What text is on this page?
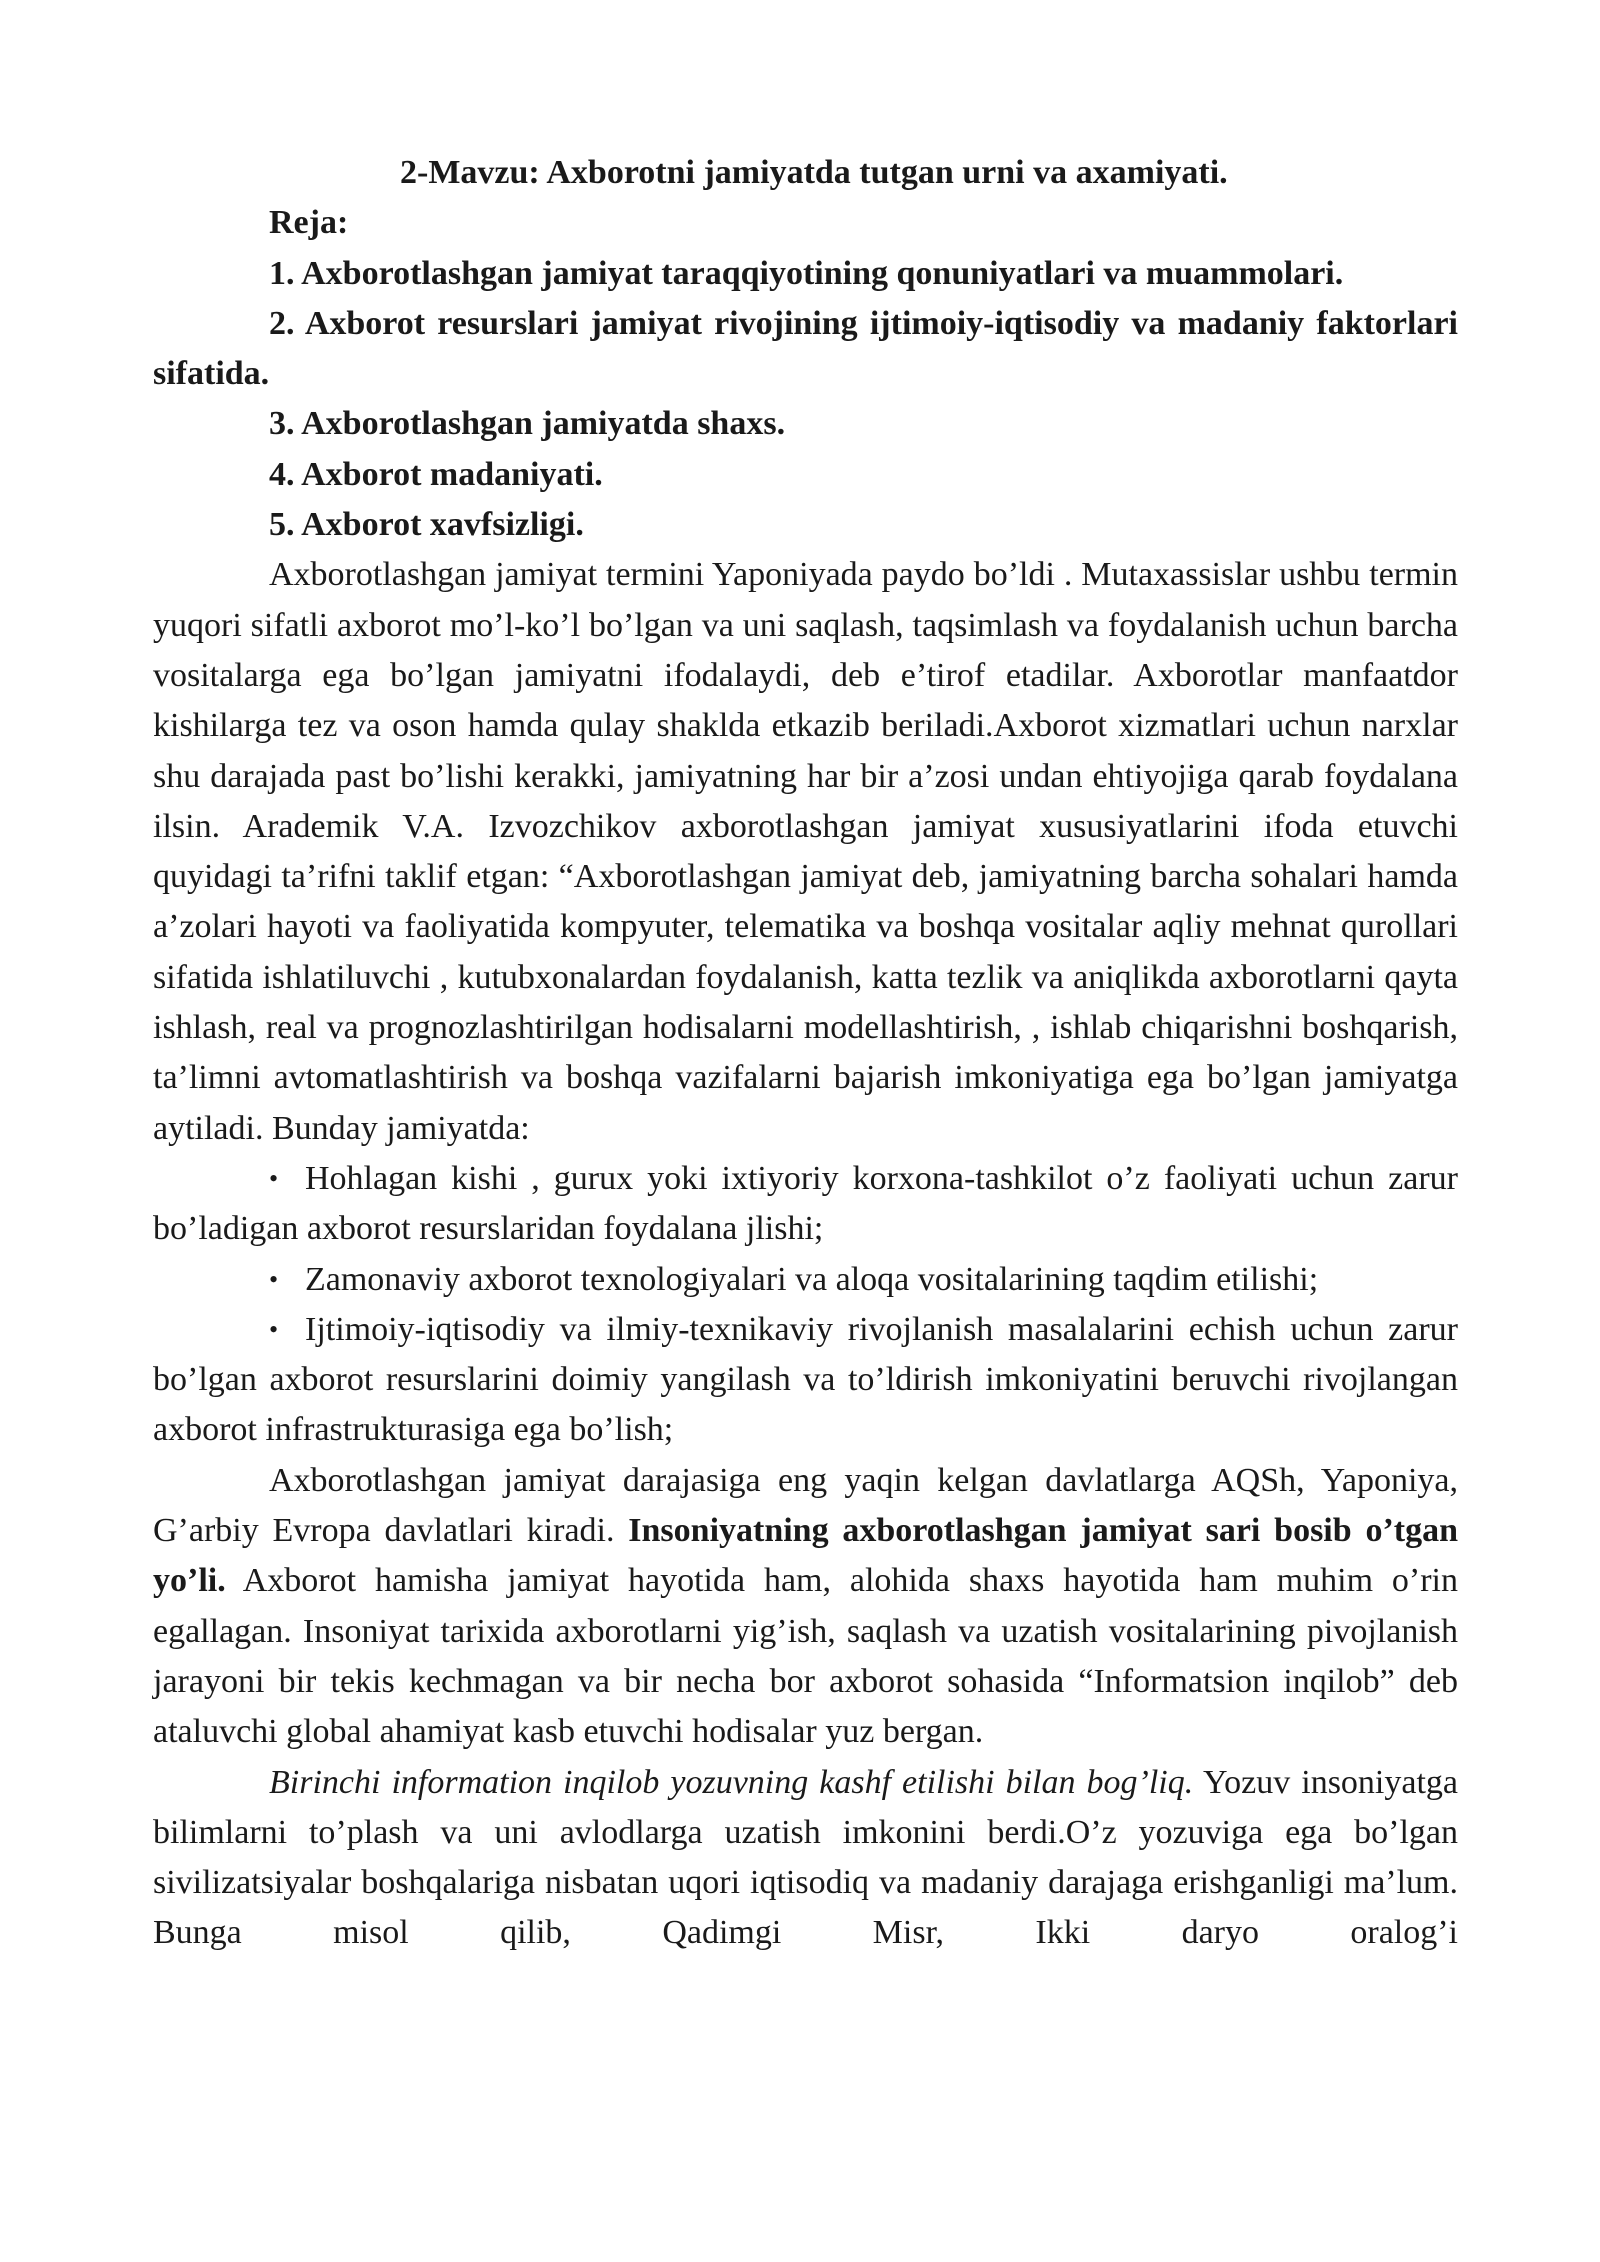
2-Mavzu: Axborotni jamiyatda tutgan urni va axamiyati.

Reja:

1. Axborotlashgan jamiyat taraqqiyotining qonuniyatlari va muammolari.

2. Axborot resurslari jamiyat rivojining ijtimoiy-iqtisodiy va madaniy faktorlari sifatida.

3. Axborotlashgan jamiyatda shaxs.

4. Axborot madaniyati.

5. Axborot xavfsizligi.

Axborotlashgan jamiyat termini Yaponiyada paydo bo’ldi . Mutaxassislar ushbu termin yuqori sifatli axborot mo’l-ko’l bo’lgan va uni saqlash, taqsimlash va foydalanish uchun barcha vositalarga ega bo’lgan jamiyatni ifodalaydi, deb e’tirof etadilar. Axborotlar manfaatdor kishilarga tez va oson hamda qulay shaklda etkazib beriladi.Axborot xizmatlari uchun narxlar shu darajada past bo’lishi kerakki, jamiyatning har bir a’zosi undan ehtiyojiga qarab foydalana ilsin. Arademik V.A. Izvozchikov axborotlashgan jamiyat xususiyatlarini ifoda etuvchi quyidagi ta’rifni taklif etgan: “Axborotlashgan jamiyat deb, jamiyatning barcha sohalari hamda a’zolari hayoti va faoliyatida kompyuter, telematika va boshqa vositalar aqliy mehnat qurollari sifatida ishlatiluvchi , kutubxonalardan foydalanish, katta tezlik va aniqlikda axborotlarni qayta ishlash, real va prognozlashtirilgan hodisalarni modellashtirish, , ishlab chiqarishni boshqarish, ta’limni avtomatlashtirish va boshqa vazifalarni bajarish imkoniyatiga ega bo’lgan jamiyatga aytiladi. Bunday jamiyatda:

• Hohlagan kishi , gurux yoki ixtiyoriy korxona-tashkilot o’z faoliyati uchun zarur bo’ladigan axborot resurslaridan foydalana jlishi;

• Zamonaviy axborot texnologiyalari va aloqa vositalarining taqdim etilishi;

• Ijtimoiy-iqtisodiy va ilmiy-texnikaviy rivojlanish masalalarini echish uchun zarur bo’lgan axborot resurslarini doimiy yangilash va to’ldirish imkoniyatini beruvchi rivojlangan axborot infrastrukturasiga ega bo’lish;

Axborotlashgan jamiyat darajasiga eng yaqin kelgan davlatlarga AQSh, Yaponiya, G’arbiy Evropa davlatlari kiradi. Insoniyatning axborotlashgan jamiyat sari bosib o’tgan yo’li. Axborot hamisha jamiyat hayotida ham, alohida shaxs hayotida ham muhim o’rin egallagan. Insoniyat tarixida axborotlarni yig’ish, saqlash va uzatish vositalarining pivojlanish jarayoni bir tekis kechmagan va bir necha bor axborot sohasida “Informatsion inqilob” deb ataluvchi global ahamiyat kasb etuvchi hodisalar yuz bergan.

Birinchi information inqilob yozuvning kashf etilishi bilan bog’liq. Yozuv insoniyatga bilimlarni to’plash va uni avlodlarga uzatish imkonini berdi.O’z yozuviga ega bo’lgan sivilizatsiyalar boshqalariga nisbatan uqori iqtisodiq va madaniy darajaga erishganligi ma’lum. Bunga misol qilib, Qadimgi Misr, Ikki daryo oralog’i
